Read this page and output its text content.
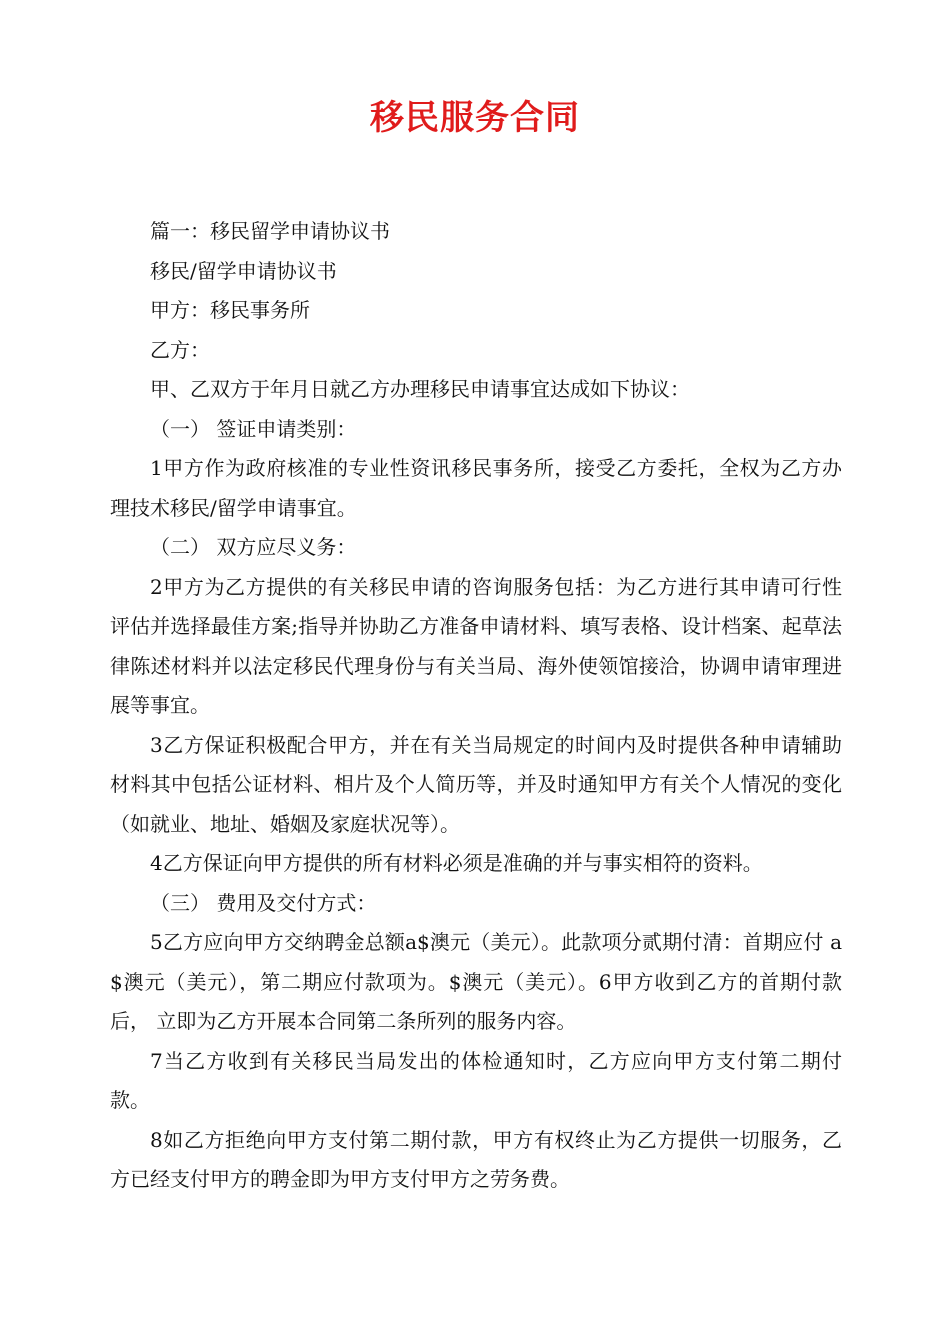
移民服务合同

篇一：移民留学申请协议书

移民/留学申请协议书

甲方：移民事务所

乙方：

甲、乙双方于年月日就乙方办理移民申请事宜达成如下协议：

（一） 签证申请类别：

1甲方作为政府核准的专业性资讯移民事务所，接受乙方委托，全权为乙方办理技术移民/留学申请事宜。

（二） 双方应尽义务：

2甲方为乙方提供的有关移民申请的咨询服务包括：为乙方进行其申请可行性评估并选择最佳方案;指导并协助乙方准备申请材料、填写表格、设计档案、起草法律陈述材料并以法定移民代理身份与有关当局、海外使领馆接洽，协调申请审理进展等事宜。

3乙方保证积极配合甲方，并在有关当局规定的时间内及时提供各种申请辅助材料其中包括公证材料、相片及个人简历等，并及时通知甲方有关个人情况的变化（如就业、地址、婚姻及家庭状况等）。

4乙方保证向甲方提供的所有材料必须是准确的并与事实相符的资料。

（三） 费用及交付方式：

5乙方应向甲方交纳聘金总额a$澳元（美元）。此款项分贰期付清：首期应付 a$澳元（美元），第二期应付款项为。$澳元（美元）。6甲方收到乙方的首期付款后， 立即为乙方开展本合同第二条所列的服务内容。

7当乙方收到有关移民当局发出的体检通知时，乙方应向甲方支付第二期付款。

8如乙方拒绝向甲方支付第二期付款，甲方有权终止为乙方提供一切服务，乙方已经支付甲方的聘金即为甲方支付甲方之劳务费。
